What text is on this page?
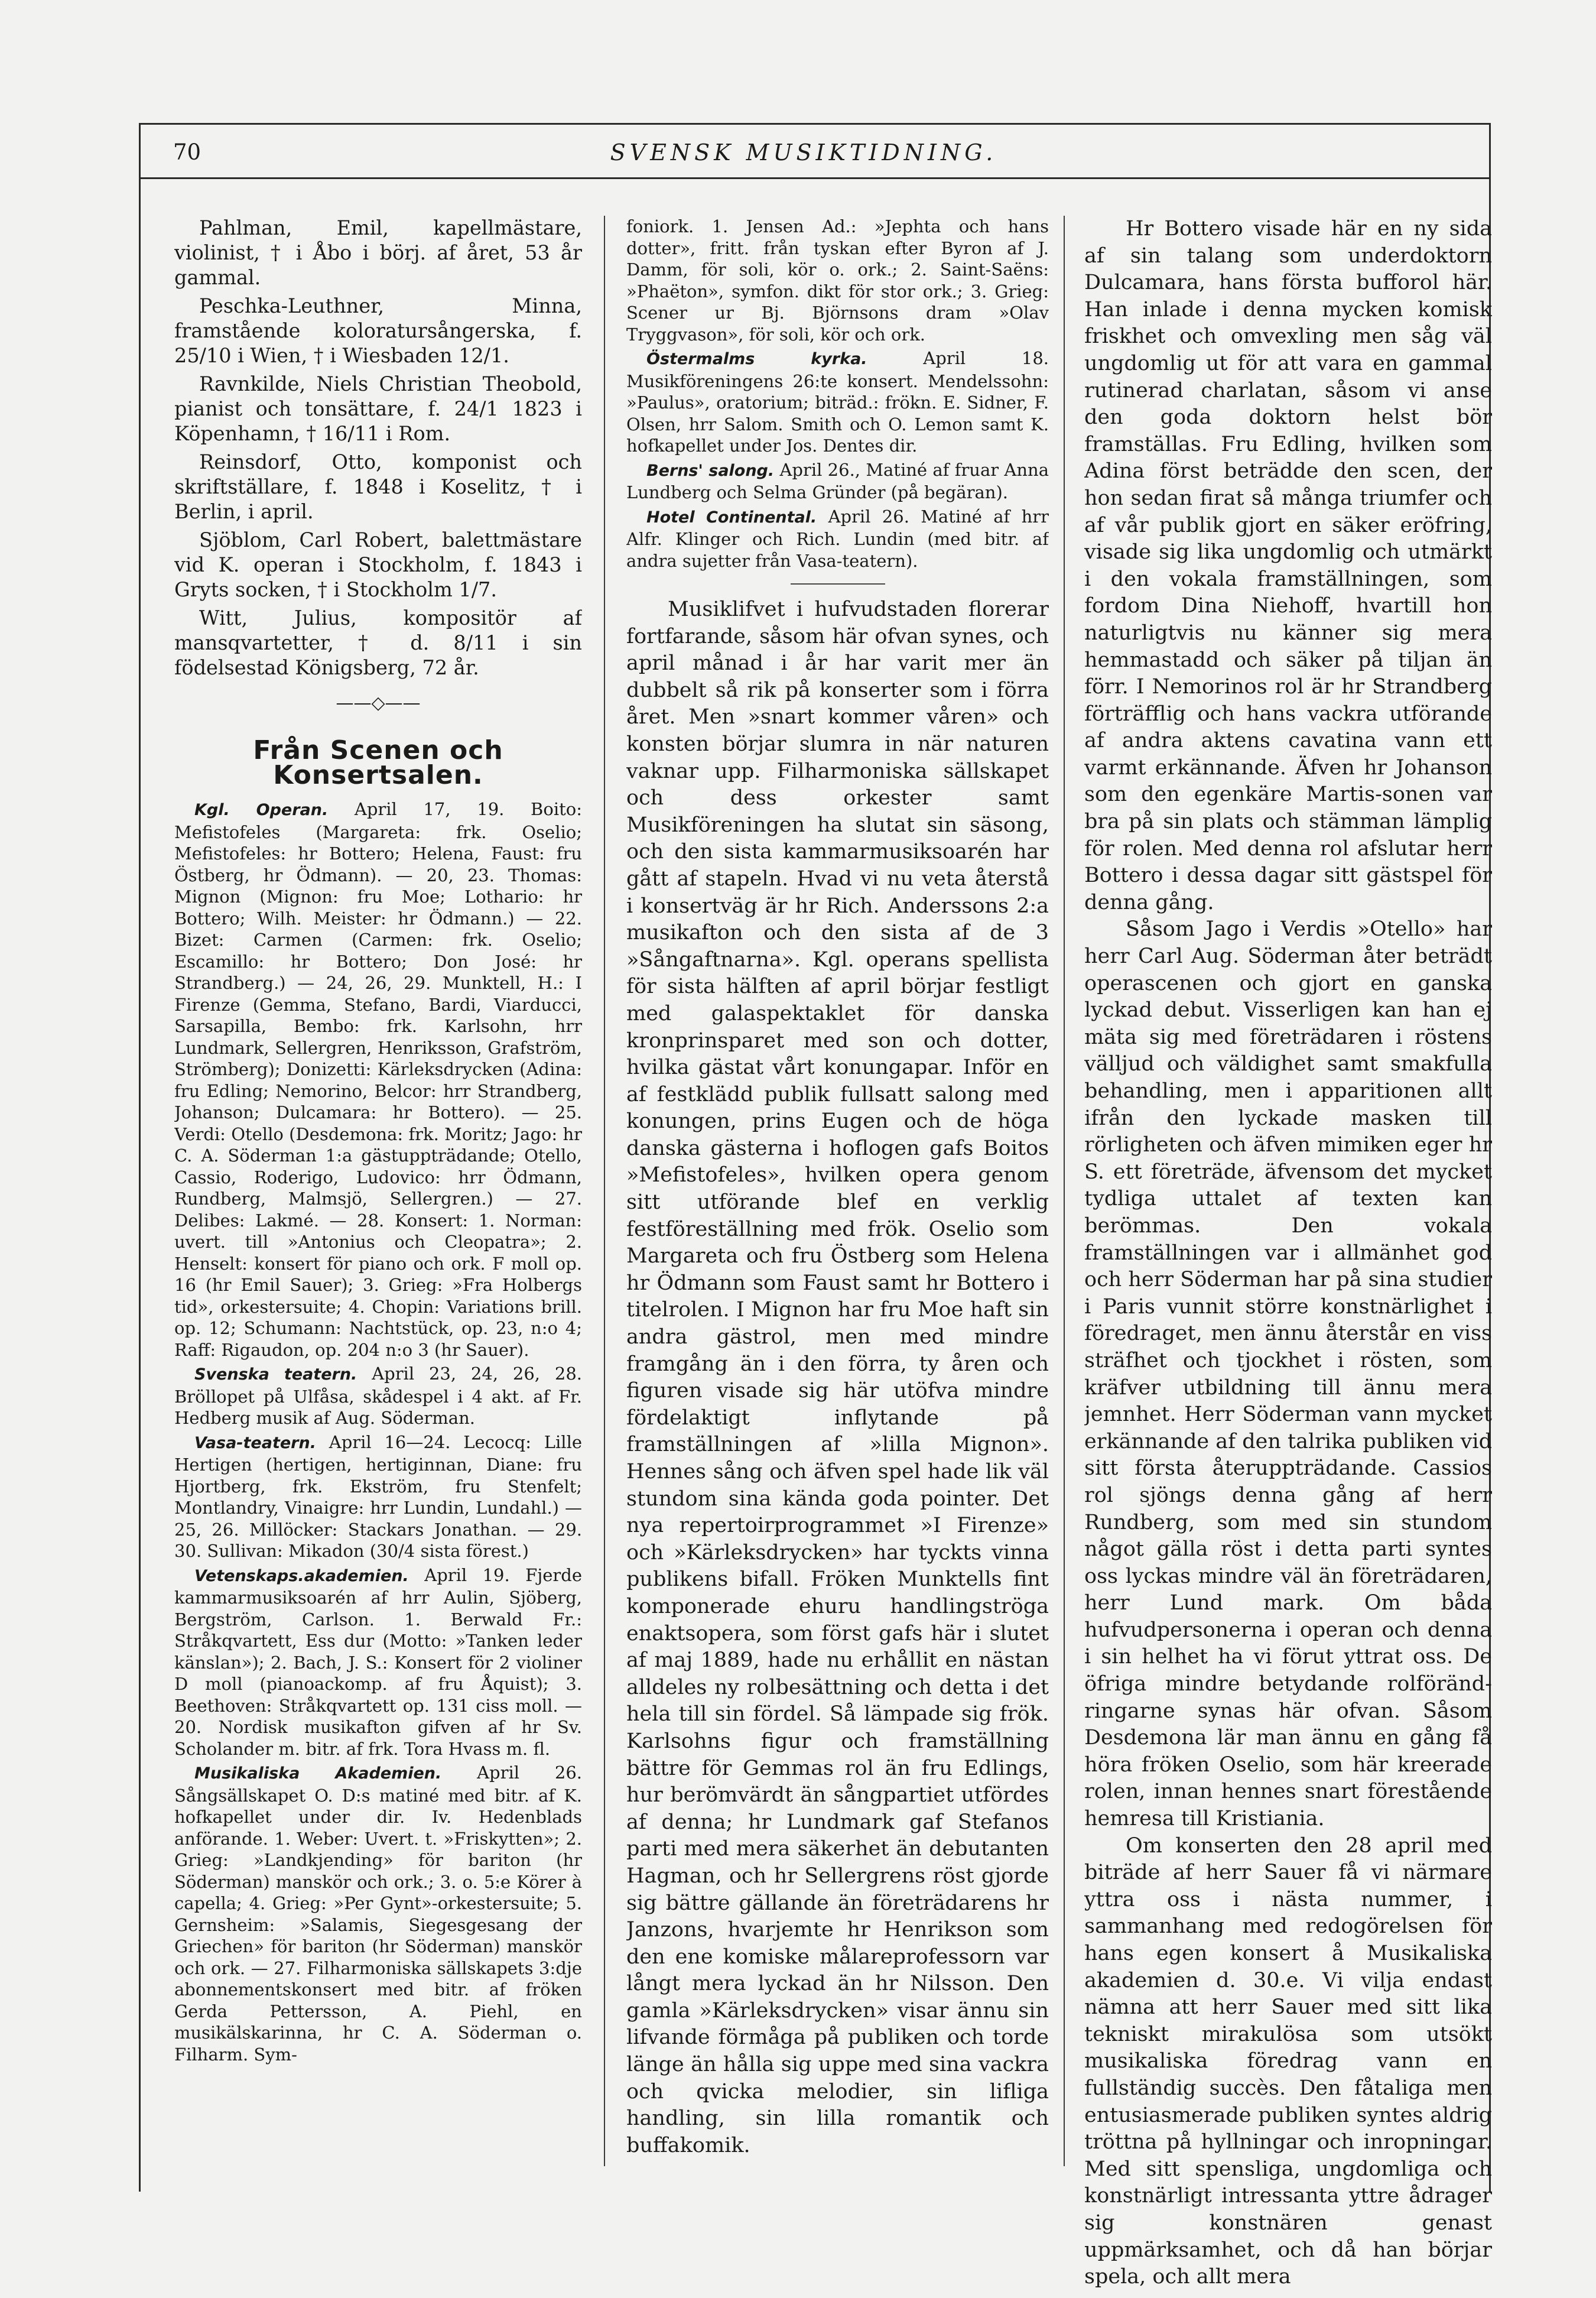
70	SVENSK MUSIKTIDNING.

Pahlman, Emil, kapellmästare, violinist, † i Åbo i börj. af året, 53 år gammal.

Peschka-Leuthner, Minna, framstående koloratursångerska, f. 25/10 i Wien, † i Wiesbaden 12/1.

Ravnkilde, Niels Christian Theobold, pianist och tonsättare, f. 24/1 1823 i Köpenhamn, † 16/11 i Rom.

Reinsdorf, Otto, komponist och skriftställare, f. 1848 i Koselitz, † i Berlin, i april.

Sjöblom, Carl Robert, balettmästare vid K. operan i Stockholm, f. 1843 i Gryts socken, † i Stockholm 1/7.

Witt, Julius, kompositör af mansqvartetter, † d. 8/11 i sin födelsestad Königsberg, 72 år.

——◇——
Från Scenen och Konsertsalen.

Kgl. Operan. April 17, 19. Boito: Mefistofeles (Margareta: frk. Oselio; Mefistofeles: hr Bottero; Helena, Faust: fru Östberg, hr Ödmann). — 20, 23. Thomas: Mignon (Mignon: fru Moe; Lothario: hr Bottero; Wilh. Meister: hr Ödmann.) — 22. Bizet: Carmen (Carmen: frk. Oselio; Escamillo: hr Bottero; Don José: hr Strandberg.) — 24, 26, 29. Munktell, H.: I Firenze (Gemma, Stefano, Bardi, Viarducci, Sarsapilla, Bembo: frk. Karlsohn, hrr Lundmark, Sellergren, Henriksson, Grafström, Strömberg); Donizetti: Kärleksdrycken (Adina: fru Edling; Nemorino, Belcor: hrr Strandberg, Johanson; Dulcamara: hr Bottero). — 25. Verdi: Otello (Desdemona: frk. Moritz; Jago: hr C. A. Söderman 1:a gästuppträdande; Otello, Cassio, Roderigo, Ludovico: hrr Ödmann, Rundberg, Malmsjö, Sellergren.) — 27. Delibes: Lakmé. — 28. Konsert: 1. Norman: uvert. till »Antonius och Cleopatra»; 2. Henselt: konsert för piano och ork. F moll op. 16 (hr Emil Sauer); 3. Grieg: »Fra Holbergs tid», orkestersuite; 4. Chopin: Variations brill. op. 12; Schumann: Nachtstück, op. 23, n:o 4; Raff: Rigaudon, op. 204 n:o 3 (hr Sauer).

Svenska teatern. April 23, 24, 26, 28. Bröllopet på Ulfåsa, skådespel i 4 akt. af Fr. Hedberg musik af Aug. Söderman.

Vasa-teatern. April 16—24. Lecocq: Lille Hertigen (hertigen, hertiginnan, Diane: fru Hjortberg, frk. Ekström, fru Stenfelt; Montlandry, Vinaigre: hrr Lundin, Lundahl.) — 25, 26. Millöcker: Stackars Jonathan. — 29. 30. Sullivan: Mikadon (30/4 sista förest.)

Vetenskaps.akademien. April 19. Fjerde kammarmusiksoarén af hrr Aulin, Sjöberg, Bergström, Carlson. 1. Berwald Fr.: Stråkqvartett, Ess dur (Motto: »Tanken leder känslan»); 2. Bach, J. S.: Konsert för 2 violiner D moll (pianoackomp. af fru Åquist); 3. Beethoven: Stråkqvartett op. 131 ciss moll. — 20. Nordisk musikafton gifven af hr Sv. Scholander m. bitr. af frk. Tora Hvass m. fl.

Musikaliska Akademien. April 26. Sångsällskapet O. D:s matiné med bitr. af K. hofkapellet under dir. Iv. Hedenblads anförande. 1. Weber: Uvert. t. »Friskytten»; 2. Grieg: »Landkjending» för bariton (hr Söderman) manskör och ork.; 3. o. 5:e Körer à capella; 4. Grieg: »Per Gynt»-orkestersuite; 5. Gernsheim: »Salamis, Siegesgesang der Griechen» för bariton (hr Söderman) manskör och ork. — 27. Filharmoniska sällskapets 3:dje abonnementskonsert med bitr. af fröken Gerda Pettersson, A. Piehl, en musikälskarinna, hr C. A. Söderman o. Filharm. Sym-

foniork. 1. Jensen Ad.: »Jephta och hans dotter», fritt. från tyskan efter Byron af J. Damm, för soli, kör o. ork.; 2. Saint-Saëns: »Phaëton», symfon. dikt för stor ork.; 3. Grieg: Scener ur Bj. Björnsons dram »Olav Tryggvason», för soli, kör och ork.

Östermalms kyrka.	April 18. Musikföreningens 26:te konsert. Mendelssohn: »Paulus», oratorium; biträd.: frökn. E. Sidner, F. Olsen, hrr Salom. Smith och O. Lemon samt K. hofkapellet under Jos. Dentes dir.

Berns' salong. April 26., Matiné af fruar Anna Lundberg och Selma Gründer (på begäran).

Hotel Continental. April 26. Matiné af hrr Alfr. Klinger och Rich. Lundin (med bitr. af andra sujetter från Vasa-teatern).

Musiklifvet i hufvudstaden florerar fortfarande, såsom här ofvan synes, och april månad i år har varit mer än dubbelt så rik på konserter som i förra året. Men »snart kommer våren» och konsten börjar slumra in när naturen vaknar upp. Filharmoniska sällskapet och dess orkester samt Musikföreningen ha slutat sin säsong, och den sista kammarmusiksoarén har gått af stapeln. Hvad vi nu veta återstå i konsertväg är hr Rich. Anderssons 2:a musikafton och den sista af de 3 »Sångaftnarna». Kgl. operans spellista för sista hälften af april börjar festligt med galaspektaklet för danska kronprinsparet med son och dotter, hvilka gästat vårt konungapar. Inför en af festklädd publik fullsatt salong med konungen, prins Eugen och de höga danska gästerna i hoflogen gafs Boitos »Mefistofeles», hvilken opera genom sitt utförande blef en verklig festföreställning med frök. Oselio som Margareta och fru Östberg som Helena hr Ödmann som Faust samt hr Bottero i titelrolen. I Mignon har fru Moe haft sin andra gästrol, men med mindre framgång än i den förra, ty åren och figuren visade sig här utöfva mindre fördelaktigt inflytande på framställningen af »lilla Mignon». Hennes sång och äfven spel hade lik väl stundom sina kända goda pointer. Det nya repertoirprogrammet »I Firenze» och »Kärleksdrycken» har tyckts vinna publikens bifall. Fröken Munktells fint komponerade ehuru handlingströga enaktsopera, som först gafs här i slutet af maj 1889, hade nu erhållit en nästan alldeles ny rolbesättning och detta i det hela till sin fördel. Så lämpade sig frök. Karlsohns figur och framställning bättre för Gemmas rol än fru Edlings, hur berömvärdt än sångpartiet utfördes af denna; hr Lundmark gaf Stefanos parti med mera säkerhet än debutanten Hagman, och hr Sellergrens röst gjorde sig bättre gällande än företrädarens hr Janzons, hvarjemte hr Henrikson som den ene komiske målareprofessorn var långt mera lyckad än hr Nilsson. Den gamla »Kärleksdrycken» visar ännu sin lifvande förmåga på publiken och torde länge än hålla sig uppe med sina vackra och qvicka melodier, sin lifliga handling, sin lilla romantik och buffakomik.

Hr Bottero visade här en ny sida af sin talang som underdoktorn Dulcamara, hans första bufforol här. Han inlade i denna mycken komisk friskhet och omvexling men såg väl ungdomlig ut för att vara en gammal rutinerad charlatan, såsom vi anse den goda doktorn helst bör framställas. Fru Edling, hvilken som Adina först beträdde den scen, der hon sedan firat så många triumfer och af vår publik gjort en säker eröfring, visade sig lika ungdomlig och utmärkt i den vokala framställningen, som fordom Dina Niehoff, hvartill hon naturligtvis nu känner sig mera hemmastadd och säker på tiljan än förr. I Nemorinos rol är hr Strandberg förträfflig och hans vackra utförande af andra aktens cavatina vann ett varmt erkännande. Äfven hr Johanson som den egenkäre Martis-sonen var bra på sin plats och stämman lämplig för rolen. Med denna rol afslutar herr Bottero i dessa dagar sitt gästspel för denna gång.

Såsom Jago i Verdis »Otello» har herr Carl Aug. Söderman åter beträdt operascenen och gjort en ganska lyckad debut. Visserligen kan han ej mäta sig med företrädaren i röstens välljud och väldighet samt smakfulla behandling, men i apparitionen allt ifrån den lyckade masken till rörligheten och äfven mimiken eger hr S. ett företräde, äfvensom det mycket tydliga uttalet af texten kan berömmas. Den vokala framställningen var i allmänhet god och herr Söderman har på sina studier i Paris vunnit större konstnärlighet i föredraget, men ännu återstår en viss sträfhet och tjockhet i rösten, som kräfver utbildning till ännu mera jemnhet. Herr Söderman vann mycket erkännande af den talrika publiken vid sitt första återuppträdande. Cassios rol sjöngs denna gång af herr Rundberg, som med sin stundom något gälla röst i detta parti syntes oss lyckas mindre väl än företrädaren, herr Lund mark. Om båda hufvudpersonerna i operan och denna i sin helhet ha vi förut yttrat oss. De öfriga mindre betydande rolförändringarne synas här ofvan. Såsom Desdemona lär man ännu en gång få höra fröken Oselio, som här kreerade rolen, innan hennes snart förestående hemresa till Kristiania.

Om konserten den 28 april med biträde af herr Sauer få vi närmare yttra oss i nästa nummer, i sammanhang med redogörelsen för hans egen konsert å Musikaliska akademien d. 30.e. Vi vilja endast nämna att herr Sauer med sitt lika tekniskt mirakulösa som utsökt musikaliska föredrag vann en fullständig succès. Den fåtaliga men entusiasmerade publiken syntes aldrig tröttna på hyllningar och inropningar. Med sitt spensliga, ungdomliga och konstnärligt intressanta yttre ådrager sig konstnären genast uppmärksamhet, och då han börjar spela, och allt mera
